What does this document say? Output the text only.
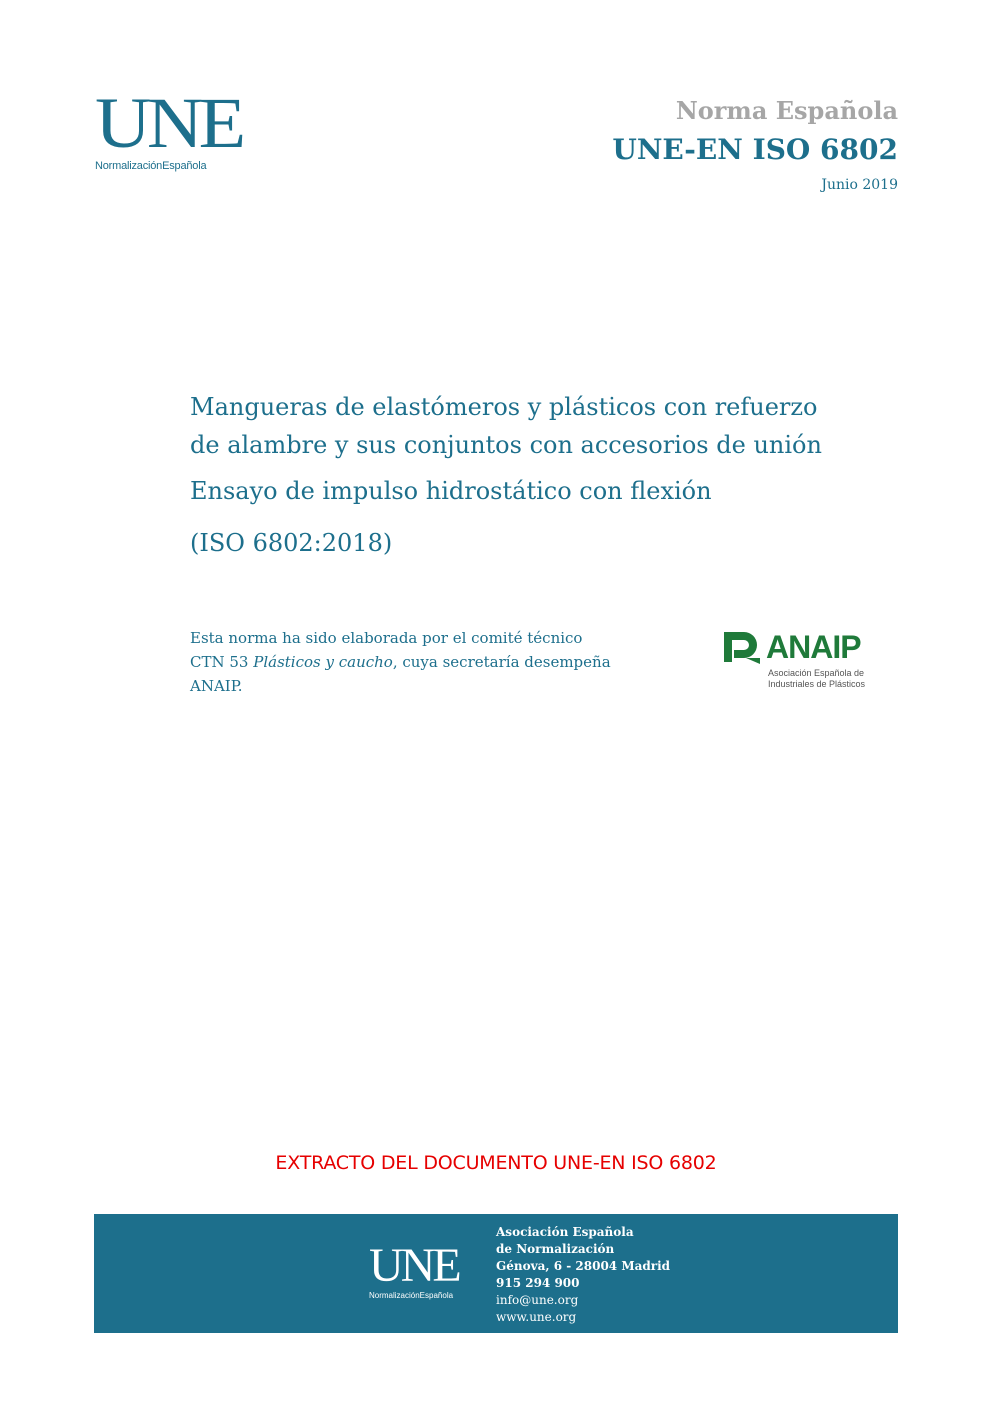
UNE
NormalizaciónEspañola
Norma Española
UNE-EN ISO 6802
Junio 2019
Mangueras de elastómeros y plásticos con refuerzo
de alambre y sus conjuntos con accesorios de unión
Ensayo de impulso hidrostático con flexión
(ISO 6802:2018)
Esta norma ha sido elaborada por el comité técnico
CTN 53 Plásticos y caucho, cuya secretaría desempeña
ANAIP.
ANAIP
Asociación Española de
Industriales de Plásticos
EXTRACTO DEL DOCUMENTO UNE-EN ISO 6802
UNE
NormalizaciónEspañola
Asociación Española
de Normalización
Génova, 6 - 28004 Madrid
915 294 900
info@une.org
www.une.org
